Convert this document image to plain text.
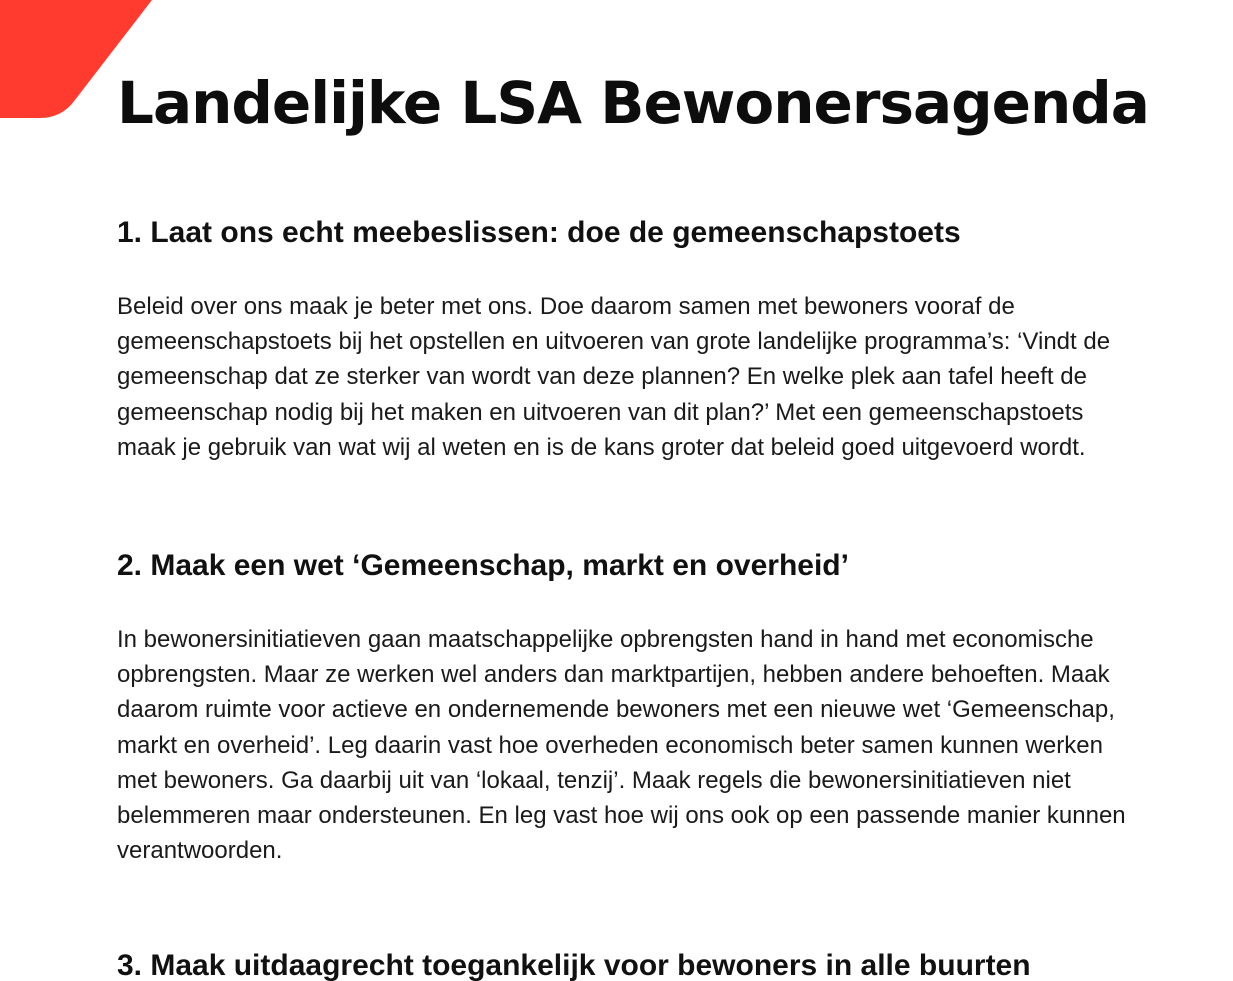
Landelijke LSA Bewonersagenda
1. Laat ons echt meebeslissen: doe de gemeenschapstoets

Beleid over ons maak je beter met ons. Doe daarom samen met bewoners vooraf de gemeenschapstoets bij het opstellen en uitvoeren van grote landelijke programma’s: ‘Vindt de gemeenschap dat ze sterker van wordt van deze plannen? En welke plek aan tafel heeft de gemeenschap nodig bij het maken en uitvoeren van dit plan?’ Met een gemeenschapstoets maak je gebruik van wat wij al weten en is de kans groter dat beleid goed uitgevoerd wordt.

2. Maak een wet ‘Gemeenschap, markt en overheid’

In bewonersinitiatieven gaan maatschappelijke opbrengsten hand in hand met economische opbrengsten. Maar ze werken wel anders dan marktpartijen, hebben andere behoeften. Maak daarom ruimte voor actieve en ondernemende bewoners met een nieuwe wet ‘Gemeenschap, markt en overheid’. Leg daarin vast hoe overheden economisch beter samen kunnen werken met bewoners. Ga daarbij uit van ‘lokaal, tenzij’. Maak regels die bewonersinitiatieven niet belemmeren maar ondersteunen. En leg vast hoe wij ons ook op een passende manier kunnen verantwoorden.

3. Maak uitdaagrecht toegankelijk voor bewoners in alle buurten
